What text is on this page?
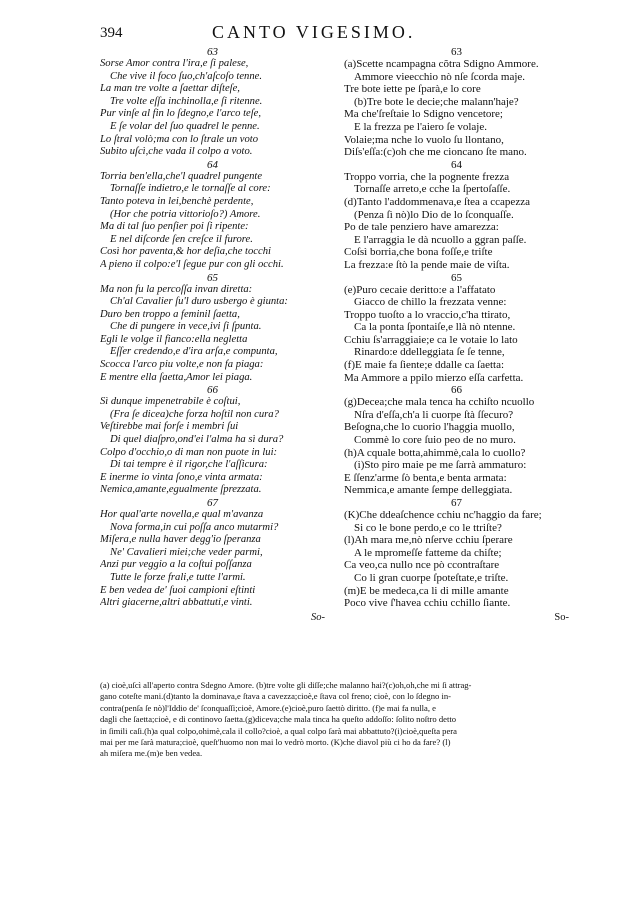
394	CANTO VIGESIMO.
63
Sorse Amor contra l'ira,e ſi palese,
Che vive il foco ſuo,ch'aſcoſo tenne.
La man tre volte a ſaettar diſteſe,
Tre volte eſſa inchinolla,e ſi ritenne.
Pur vinſe al fin lo ſdegno,e l'arco teſe,
E ſe volar del ſuo quadrel le penne.
Lo ſtral volò;ma con lo ſtrale un voto
Subito uſcì,che vada il colpo a voto.
64
Torria ben'ella,che'l quadrel pungente
Tornaſſe indietro,e le tornaſſe al core:
Tanto poteva in lei,benchè perdente,
(Hor che potria vittorioſo?) Amore.
Ma di tal ſuo penſier poi ſi ripente:
E nel diſcorde ſen creſce il furore.
Così hor paventa,& hor deſia,che tocchi
A pieno il colpo:e'l ſegue pur con gli occhi.
65
Ma non fu la percoſſa invan diretta:
Ch'al Cavalier ſu'l duro usbergo è giunta:
Duro ben troppo a feminil ſaetta,
Che di pungere in vece,ivi ſi ſpunta.
Egli le volge il fianco:ella negletta
Eſſer credendo,e d'ira arſa,e compunta,
Scocca l'arco piu volte,e non fa piaga:
E mentre ella ſaetta,Amor lei piaga.
66
Sì dunque impenetrabile è coſtui,
(Fra ſe dicea)che forza hoſtil non cura?
Veſtirebbe mai forſe i membri ſui
Di quel diaſpro,ond'ei l'alma ha sì dura?
Colpo d'occhio,o di man non puote in lui:
Di tai tempre è il rigor,che l'aſſicura:
E inerme io vinta ſono,e vinta armata:
Nemica,amante,egualmente ſprezzata.
67
Hor qual'arte novella,e qual m'avanza
Nova forma,in cui poſſa anco mutarmi?
Miſera,e nulla haver degg'io ſperanza
Ne' Cavalieri miei;che veder parmi,
Anzi pur veggio a la coſtui poſſanza
Tutte le forze frali,e tutte l'armi.
E ben vedea de' ſuoi campioni eſtinti
Altri giacerne,altri abbattuti,e vinti.
So-
63
(a)Scette ncampagna cõtra Sdigno Ammore.
Ammore vieecchio nò nſe ſcorda maje.
Tre bote iette pe ſparà,e lo core
(b)Tre bote le decie;che malann'haje?
Ma che'ſreſtaie lo Sdigno vencetore;
E la frezza pe l'aiero ſe volaje.
Volaie;ma nche lo vuolo ſu llontano,
Diſs'eſſa:(c)oh che me cioncano ſte mano.
64
Troppo vorria, che la pognente frezza
Tornaſſe arreto,e cche la ſpertoſaſſe.
(d)Tanto l'addommenava,e ſtea a ccapezza
(Penza ſì nò)lo Dio de lo ſconquaſſe.
Po de tale penziero have amarezza:
E l'arraggia le dà ncuollo a ggran paſſe.
Coſsì borria,che bona foſſe,e triſte
La frezza:e ſtò la pende maie de viſta.
65
(e)Puro cecaie deritto:e a l'affatato
Giacco de chillo la frezzata venne:
Troppo tuoſto a lo vraccio,c'ha ttirato,
Ca la ponta ſpontaiſe,e llà nò ntenne.
Cchiu ſs'arraggiaie;e ca le votaie lo lato
Rinardo:e ddelleggiata ſe ſe tenne,
(f)E maie fa ſiente;e ddalle ca ſaetta:
Ma Ammore a ppilo mierzo eſſa carfetta.
66
(g)Decea;che mala tenca ha cchiſto ncuollo
Nſra d'eſſa,ch'a li cuorpe ſtà ſſecuro?
Beſogna,che lo cuorio l'haggia muollo,
Commè lo core ſuio peo de no muro.
(h)A cquale botta,ahimmè,cala lo cuollo?
(i)Sto piro maie pe me ſarrà ammaturo:
E ſſenz'arme ſò benta,e benta armata:
Nemmica,e amante ſempe delleggiata.
67
(K)Che ddeaſchence cchiu nc'haggio da fare;
Si co le bone perdo,e co le ttriſte?
(l)Ah mara me,nò nſerve cchiu ſperare
A le mpromeſſe fatteme da chiſte;
Ca veo,ca nullo nce pò ccontraſtare
Co li gran cuorpe ſpoteſtate,e triſte.
(m)E be medeca,ca li di mille amante
Poco vive ſ'havea cchiu cchillo ſiante.
So-
(a) cioè,uſcì all'aperto contra Sdegno Amore. (b)tre volte gli diſſe;che malanno hai?(c)oh,oh,che mi ſi attrag-
gano coteſte mani.(d)tanto la dominava,e ſtava a cavezza;cioè,e ſtava col freno; cioè, con lo ſdegno in-
contra(penſa ſe nò)l'Iddio de' ſconquaſſi;cioè, Amore.(e)cioè,puro ſaettò diritto. (f)e mai fa nulla, e
dagli che ſaetta;cioè, e di continovo ſaetta.(g)diceva;che mala tinca ha queſto addoſſo: ſolito noſtro detto
in ſimili caſi.(h)a qual colpo,ohimè,cala il collo?cioè, a qual colpo ſarà mai abbattuto?(i)cioè,queſta pera
mai per me ſarà matura;cioè, queſt'huomo non mai lo vedrò morto. (K)che diavol più ci ho da fare? (l)
ah miſera me.(m)e ben vedea.
